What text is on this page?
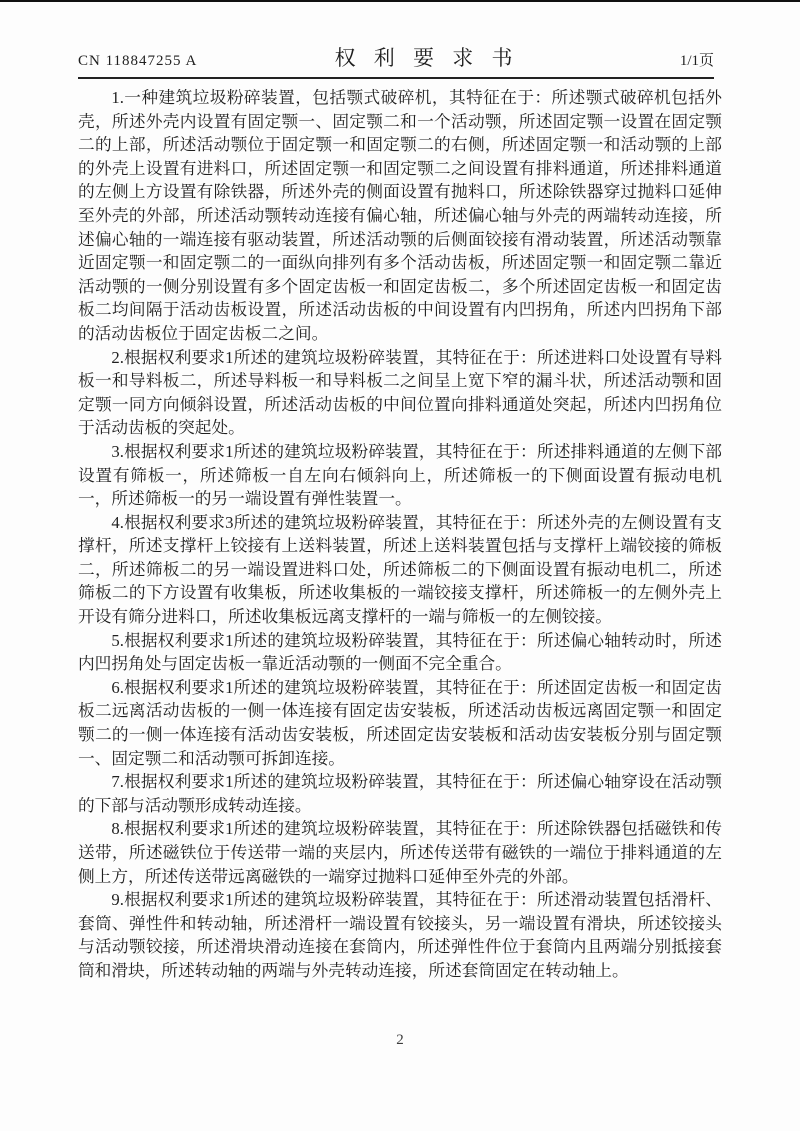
CN 118847255 A	权 利 要 求 书	1/1页

1.一种建筑垃圾粉碎装置，包括颚式破碎机，其特征在于：所述颚式破碎机包括外壳，所述外壳内设置有固定颚一、固定颚二和一个活动颚，所述固定颚一设置在固定颚二的上部，所述活动颚位于固定颚一和固定颚二的右侧，所述固定颚一和活动颚的上部的外壳上设置有进料口，所述固定颚一和固定颚二之间设置有排料通道，所述排料通道的左侧上方设置有除铁器，所述外壳的侧面设置有抛料口，所述除铁器穿过抛料口延伸至外壳的外部，所述活动颚转动连接有偏心轴，所述偏心轴与外壳的两端转动连接，所述偏心轴的一端连接有驱动装置，所述活动颚的后侧面铰接有滑动装置，所述活动颚靠近固定颚一和固定颚二的一面纵向排列有多个活动齿板，所述固定颚一和固定颚二靠近活动颚的一侧分别设置有多个固定齿板一和固定齿板二，多个所述固定齿板一和固定齿板二均间隔于活动齿板设置，所述活动齿板的中间设置有内凹拐角，所述内凹拐角下部的活动齿板位于固定齿板二之间。

2.根据权利要求1所述的建筑垃圾粉碎装置，其特征在于：所述进料口处设置有导料板一和导料板二，所述导料板一和导料板二之间呈上宽下窄的漏斗状，所述活动颚和固定颚一同方向倾斜设置，所述活动齿板的中间位置向排料通道处突起，所述内凹拐角位于活动齿板的突起处。

3.根据权利要求1所述的建筑垃圾粉碎装置，其特征在于：所述排料通道的左侧下部设置有筛板一，所述筛板一自左向右倾斜向上，所述筛板一的下侧面设置有振动电机一，所述筛板一的另一端设置有弹性装置一。

4.根据权利要求3所述的建筑垃圾粉碎装置，其特征在于：所述外壳的左侧设置有支撑杆，所述支撑杆上铰接有上送料装置，所述上送料装置包括与支撑杆上端铰接的筛板二，所述筛板二的另一端设置进料口处，所述筛板二的下侧面设置有振动电机二，所述筛板二的下方设置有收集板，所述收集板的一端铰接支撑杆，所述筛板一的左侧外壳上开设有筛分进料口，所述收集板远离支撑杆的一端与筛板一的左侧铰接。

5.根据权利要求1所述的建筑垃圾粉碎装置，其特征在于：所述偏心轴转动时，所述内凹拐角处与固定齿板一靠近活动颚的一侧面不完全重合。

6.根据权利要求1所述的建筑垃圾粉碎装置，其特征在于：所述固定齿板一和固定齿板二远离活动齿板的一侧一体连接有固定齿安装板，所述活动齿板远离固定颚一和固定颚二的一侧一体连接有活动齿安装板，所述固定齿安装板和活动齿安装板分别与固定颚一、固定颚二和活动颚可拆卸连接。

7.根据权利要求1所述的建筑垃圾粉碎装置，其特征在于：所述偏心轴穿设在活动颚的下部与活动颚形成转动连接。

8.根据权利要求1所述的建筑垃圾粉碎装置，其特征在于：所述除铁器包括磁铁和传送带，所述磁铁位于传送带一端的夹层内，所述传送带有磁铁的一端位于排料通道的左侧上方，所述传送带远离磁铁的一端穿过抛料口延伸至外壳的外部。

9.根据权利要求1所述的建筑垃圾粉碎装置，其特征在于：所述滑动装置包括滑杆、套筒、弹性件和转动轴，所述滑杆一端设置有铰接头，另一端设置有滑块，所述铰接头与活动颚铰接，所述滑块滑动连接在套筒内，所述弹性件位于套筒内且两端分别抵接套筒和滑块，所述转动轴的两端与外壳转动连接，所述套筒固定在转动轴上。

2
